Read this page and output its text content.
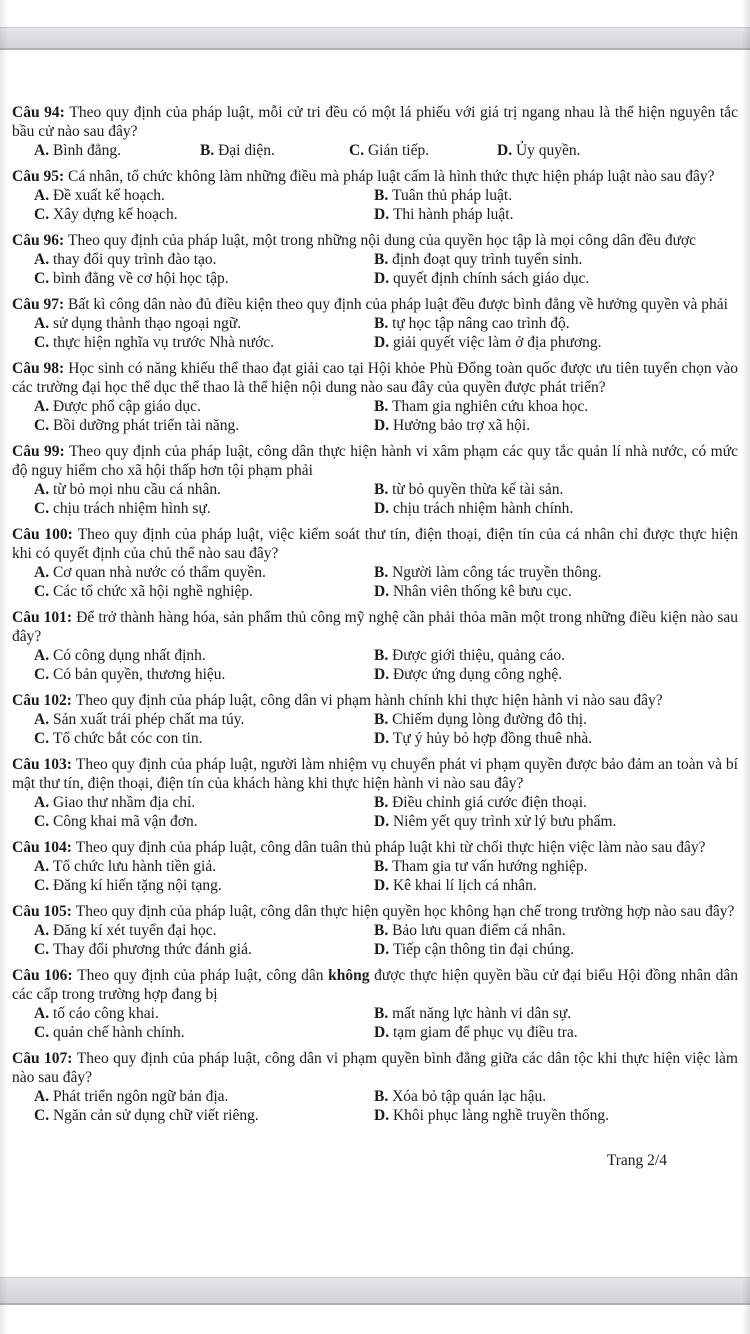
Câu 94: Theo quy định của pháp luật, mỗi cử tri đều có một lá phiếu với giá trị ngang nhau là thể hiện nguyên tắc bầu cử nào sau đây?

A. Bình đẳng.	B. Đại diện.	C. Gián tiếp.	D. Ủy quyền.

Câu 95: Cá nhân, tổ chức không làm những điều mà pháp luật cấm là hình thức thực hiện pháp luật nào sau đây?

A. Đề xuất kế hoạch.	B. Tuân thủ pháp luật.
C. Xây dựng kế hoạch.	D. Thi hành pháp luật.

Câu 96: Theo quy định của pháp luật, một trong những nội dung của quyền học tập là mọi công dân đều được

A. thay đổi quy trình đào tạo.	B. định đoạt quy trình tuyển sinh.
C. bình đẳng về cơ hội học tập.	D. quyết định chính sách giáo dục.

Câu 97: Bất kì công dân nào đủ điều kiện theo quy định của pháp luật đều được bình đẳng về hưởng quyền và phải

A. sử dụng thành thạo ngoại ngữ.	B. tự học tập nâng cao trình độ.
C. thực hiện nghĩa vụ trước Nhà nước.	D. giải quyết việc làm ở địa phương.

Câu 98: Học sinh có năng khiếu thể thao đạt giải cao tại Hội khỏe Phù Đổng toàn quốc được ưu tiên tuyển chọn vào các trường đại học thể dục thể thao là thể hiện nội dung nào sau đây của quyền được phát triển?

A. Được phổ cập giáo dục.	B. Tham gia nghiên cứu khoa học.
C. Bồi dưỡng phát triển tài năng.	D. Hưởng bảo trợ xã hội.

Câu 99: Theo quy định của pháp luật, công dân thực hiện hành vi xâm phạm các quy tắc quản lí nhà nước, có mức độ nguy hiểm cho xã hội thấp hơn tội phạm phải

A. từ bỏ mọi nhu cầu cá nhân.	B. từ bỏ quyền thừa kế tài sản.
C. chịu trách nhiệm hình sự.	D. chịu trách nhiệm hành chính.

Câu 100: Theo quy định của pháp luật, việc kiểm soát thư tín, điện thoại, điện tín của cá nhân chỉ được thực hiện khi có quyết định của chủ thể nào sau đây?

A. Cơ quan nhà nước có thẩm quyền.	B. Người làm công tác truyền thông.
C. Các tổ chức xã hội nghề nghiệp.	D. Nhân viên thống kê bưu cục.

Câu 101: Để trở thành hàng hóa, sản phẩm thủ công mỹ nghệ cần phải thỏa mãn một trong những điều kiện nào sau đây?

A. Có công dụng nhất định.	B. Được giới thiệu, quảng cáo.
C. Có bản quyền, thương hiệu.	D. Được ứng dụng công nghệ.

Câu 102: Theo quy định của pháp luật, công dân vi phạm hành chính khi thực hiện hành vi nào sau đây?

A. Sản xuất trái phép chất ma túy.	B. Chiếm dụng lòng đường đô thị.
C. Tổ chức bắt cóc con tin.	D. Tự ý hủy bỏ hợp đồng thuê nhà.

Câu 103: Theo quy định của pháp luật, người làm nhiệm vụ chuyển phát vi phạm quyền được bảo đảm an toàn và bí mật thư tín, điện thoại, điện tín của khách hàng khi thực hiện hành vi nào sau đây?

A. Giao thư nhầm địa chỉ.	B. Điều chỉnh giá cước điện thoại.
C. Công khai mã vận đơn.	D. Niêm yết quy trình xử lý bưu phẩm.

Câu 104: Theo quy định của pháp luật, công dân tuân thủ pháp luật khi từ chối thực hiện việc làm nào sau đây?

A. Tổ chức lưu hành tiền giả.	B. Tham gia tư vấn hướng nghiệp.
C. Đăng kí hiến tặng nội tạng.	D. Kê khai lí lịch cá nhân.

Câu 105: Theo quy định của pháp luật, công dân thực hiện quyền học không hạn chế trong trường hợp nào sau đây?

A. Đăng kí xét tuyển đại học.	B. Bảo lưu quan điểm cá nhân.
C. Thay đổi phương thức đánh giá.	D. Tiếp cận thông tin đại chúng.

Câu 106: Theo quy định của pháp luật, công dân không được thực hiện quyền bầu cử đại biểu Hội đồng nhân dân các cấp trong trường hợp đang bị

A. tố cáo công khai.	B. mất năng lực hành vi dân sự.
C. quản chế hành chính.	D. tạm giam để phục vụ điều tra.

Câu 107: Theo quy định của pháp luật, công dân vi phạm quyền bình đẳng giữa các dân tộc khi thực hiện việc làm nào sau đây?

A. Phát triển ngôn ngữ bản địa.	B. Xóa bỏ tập quán lạc hậu.
C. Ngăn cản sử dụng chữ viết riêng.	D. Khôi phục làng nghề truyền thống.
Trang 2/4
